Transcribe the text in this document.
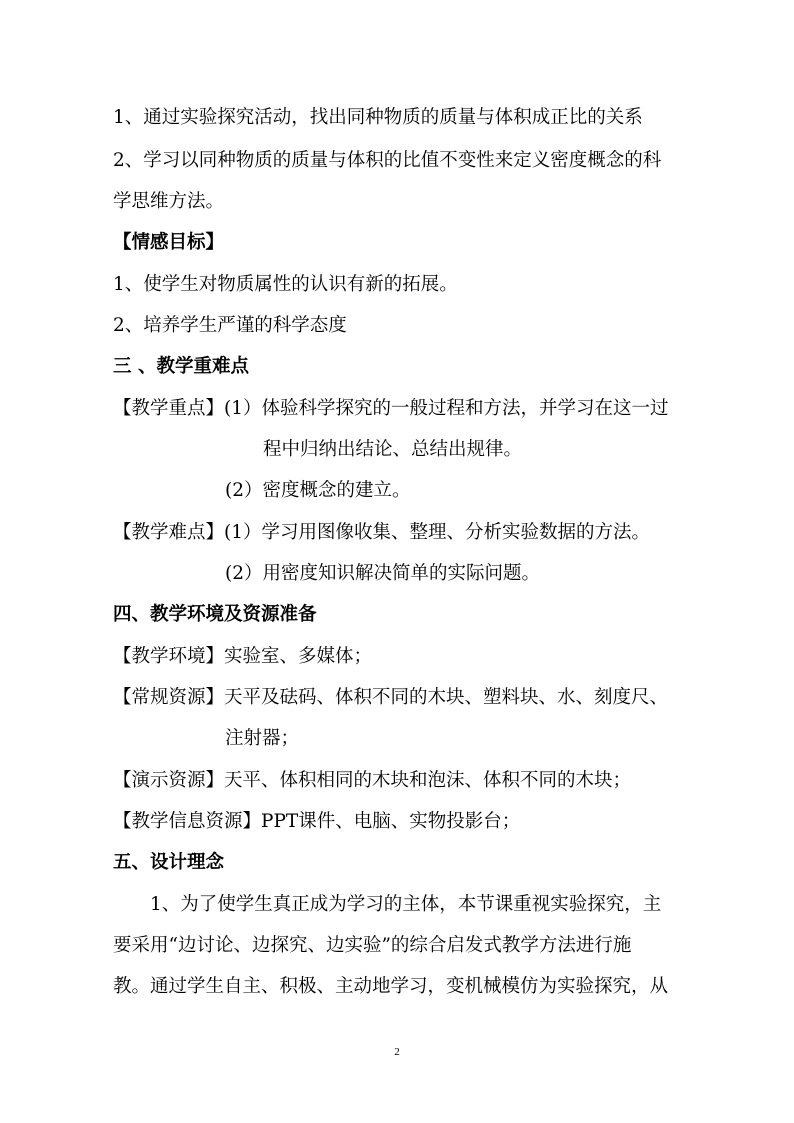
1、通过实验探究活动，找出同种物质的质量与体积成正比的关系
2、学习以同种物质的质量与体积的比值不变性来定义密度概念的科
学思维方法。
【情感目标】
1、使学生对物质属性的认识有新的拓展。
2、培养学生严谨的科学态度
三 、教学重难点
【教学重点】(1）体验科学探究的一般过程和方法，并学习在这一过
程中归纳出结论、总结出规律。
(2）密度概念的建立。
【教学难点】(1）学习用图像收集、整理、分析实验数据的方法。
(2）用密度知识解决简单的实际问题。
四、教学环境及资源准备
【教学环境】实验室、多媒体；
【常规资源】天平及砝码、体积不同的木块、塑料块、水、刻度尺、
注射器；
【演示资源】天平、体积相同的木块和泡沫、体积不同的木块；
【教学信息资源】PPT课件、电脑、实物投影台；
五、设计理念
1、为了使学生真正成为学习的主体，本节课重视实验探究，主
要采用“边讨论、边探究、边实验”的综合启发式教学方法进行施
教。通过学生自主、积极、主动地学习，变机械模仿为实验探究，从
2
